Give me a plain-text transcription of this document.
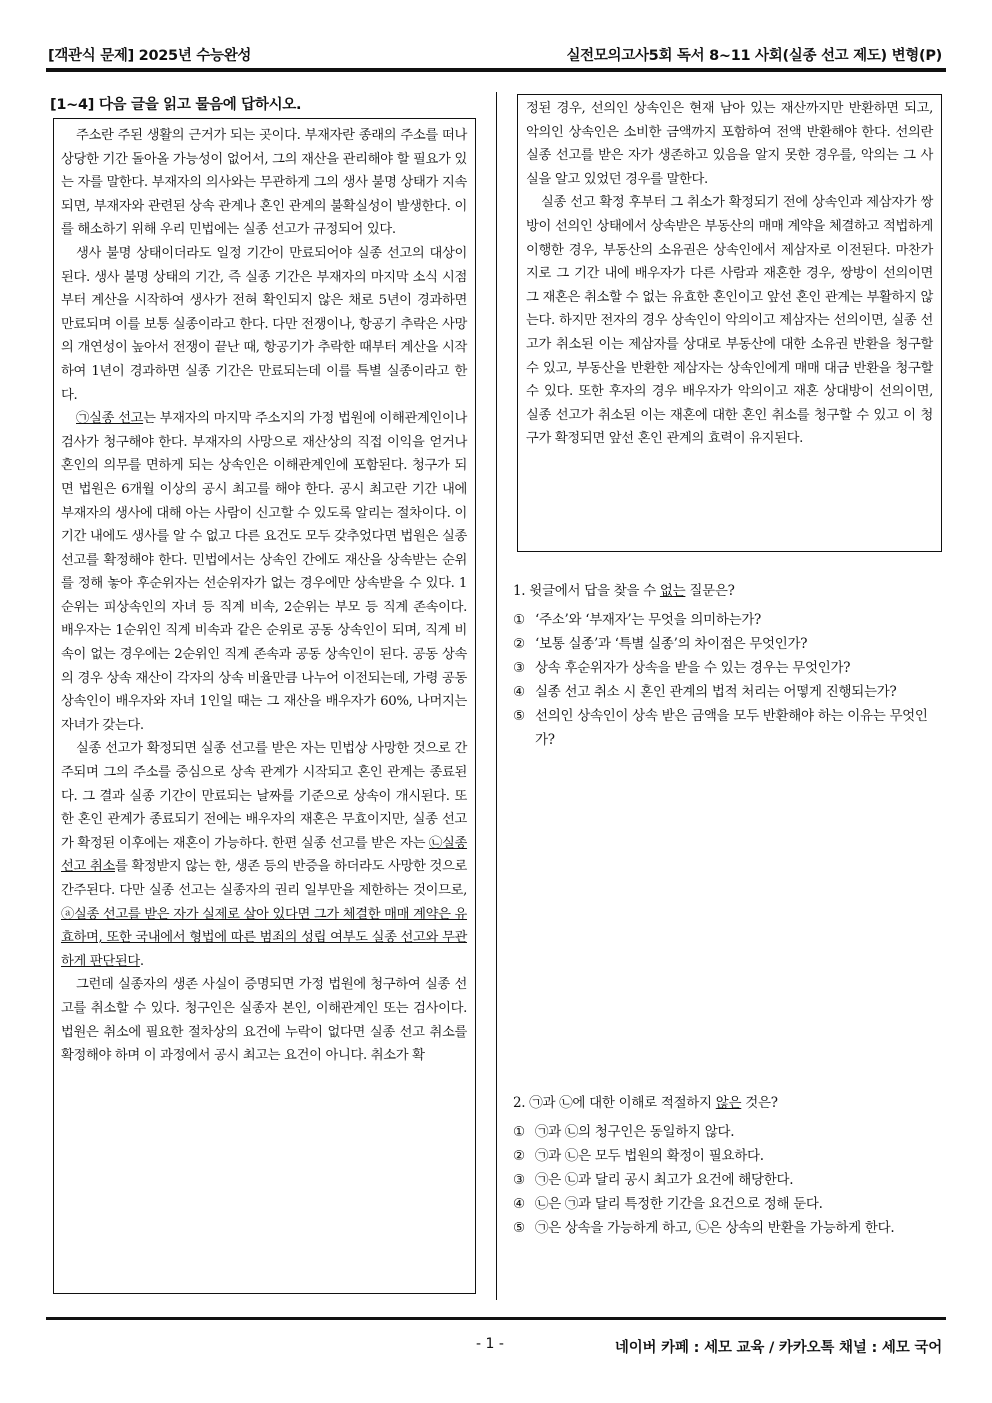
[객관식 문제] 2025년 수능완성	실전모의고사5회 독서 8~11 사회(실종 선고 제도) 변형(P)
[1~4] 다음 글을 읽고 물음에 답하시오.

주소란 주된 생활의 근거가 되는 곳이다. 부재자란 종래의 주소를 떠나 상당한 기간 돌아올 가능성이 없어서, 그의 재산을 관리해야 할 필요가 있는 자를 말한다. 부재자의 의사와는 무관하게 그의 생사 불명 상태가 지속되면, 부재자와 관련된 상속 관계나 혼인 관계의 불확실성이 발생한다. 이를 해소하기 위해 우리 민법에는 실종 선고가 규정되어 있다.

생사 불명 상태이더라도 일정 기간이 만료되어야 실종 선고의 대상이 된다. 생사 불명 상태의 기간, 즉 실종 기간은 부재자의 마지막 소식 시점부터 계산을 시작하여 생사가 전혀 확인되지 않은 채로 5년이 경과하면 만료되며 이를 보통 실종이라고 한다. 다만 전쟁이나, 항공기 추락은 사망의 개연성이 높아서 전쟁이 끝난 때, 항공기가 추락한 때부터 계산을 시작하여 1년이 경과하면 실종 기간은 만료되는데 이를 특별 실종이라고 한다.

㉠실종 선고는 부재자의 마지막 주소지의 가정 법원에 이해관계인이나 검사가 청구해야 한다. 부재자의 사망으로 재산상의 직접 이익을 얻거나 혼인의 의무를 면하게 되는 상속인은 이해관계인에 포함된다. 청구가 되면 법원은 6개월 이상의 공시 최고를 해야 한다. 공시 최고란 기간 내에 부재자의 생사에 대해 아는 사람이 신고할 수 있도록 알리는 절차이다. 이 기간 내에도 생사를 알 수 없고 다른 요건도 모두 갖추었다면 법원은 실종 선고를 확정해야 한다. 민법에서는 상속인 간에도 재산을 상속받는 순위를 정해 놓아 후순위자는 선순위자가 없는 경우에만 상속받을 수 있다. 1순위는 피상속인의 자녀 등 직계 비속, 2순위는 부모 등 직계 존속이다. 배우자는 1순위인 직계 비속과 같은 순위로 공동 상속인이 되며, 직계 비속이 없는 경우에는 2순위인 직계 존속과 공동 상속인이 된다. 공동 상속의 경우 상속 재산이 각자의 상속 비율만큼 나누어 이전되는데, 가령 공동 상속인이 배우자와 자녀 1인일 때는 그 재산을 배우자가 60%, 나머지는 자녀가 갖는다.

실종 선고가 확정되면 실종 선고를 받은 자는 민법상 사망한 것으로 간주되며 그의 주소를 중심으로 상속 관계가 시작되고 혼인 관계는 종료된다. 그 결과 실종 기간이 만료되는 날짜를 기준으로 상속이 개시된다. 또한 혼인 관계가 종료되기 전에는 배우자의 재혼은 무효이지만, 실종 선고가 확정된 이후에는 재혼이 가능하다. 한편 실종 선고를 받은 자는 ㉡실종 선고 취소를 확정받지 않는 한, 생존 등의 반증을 하더라도 사망한 것으로 간주된다. 다만 실종 선고는 실종자의 권리 일부만을 제한하는 것이므로, ⓐ실종 선고를 받은 자가 실제로 살아 있다면 그가 체결한 매매 계약은 유효하며, 또한 국내에서 형법에 따른 범죄의 성립 여부도 실종 선고와 무관하게 판단된다.

그런데 실종자의 생존 사실이 증명되면 가정 법원에 청구하여 실종 선고를 취소할 수 있다. 청구인은 실종자 본인, 이해관계인 또는 검사이다. 법원은 취소에 필요한 절차상의 요건에 누락이 없다면 실종 선고 취소를 확정해야 하며 이 과정에서 공시 최고는 요건이 아니다. 취소가 확

정된 경우, 선의인 상속인은 현재 남아 있는 재산까지만 반환하면 되고, 악의인 상속인은 소비한 금액까지 포함하여 전액 반환해야 한다. 선의란 실종 선고를 받은 자가 생존하고 있음을 알지 못한 경우를, 악의는 그 사실을 알고 있었던 경우를 말한다.

실종 선고 확정 후부터 그 취소가 확정되기 전에 상속인과 제삼자가 쌍방이 선의인 상태에서 상속받은 부동산의 매매 계약을 체결하고 적법하게 이행한 경우, 부동산의 소유권은 상속인에서 제삼자로 이전된다. 마찬가지로 그 기간 내에 배우자가 다른 사람과 재혼한 경우, 쌍방이 선의이면 그 재혼은 취소할 수 없는 유효한 혼인이고 앞선 혼인 관계는 부활하지 않는다. 하지만 전자의 경우 상속인이 악의이고 제삼자는 선의이면, 실종 선고가 취소된 이는 제삼자를 상대로 부동산에 대한 소유권 반환을 청구할 수 있고, 부동산을 반환한 제삼자는 상속인에게 매매 대금 반환을 청구할 수 있다. 또한 후자의 경우 배우자가 악의이고 재혼 상대방이 선의이면, 실종 선고가 취소된 이는 재혼에 대한 혼인 취소를 청구할 수 있고 이 청구가 확정되면 앞선 혼인 관계의 효력이 유지된다.

1. 윗글에서 답을 찾을 수 없는 질문은?

① ‘주소’와 ‘부재자’는 무엇을 의미하는가?
② ‘보통 실종’과 ‘특별 실종’의 차이점은 무엇인가?
③ 상속 후순위자가 상속을 받을 수 있는 경우는 무엇인가?
④ 실종 선고 취소 시 혼인 관계의 법적 처리는 어떻게 진행되는가?
⑤ 선의인 상속인이 상속 받은 금액을 모두 반환해야 하는 이유는 무엇인가?

2. ㉠과 ㉡에 대한 이해로 적절하지 않은 것은?

① ㉠과 ㉡의 청구인은 동일하지 않다.
② ㉠과 ㉡은 모두 법원의 확정이 필요하다.
③ ㉠은 ㉡과 달리 공시 최고가 요건에 해당한다.
④ ㉡은 ㉠과 달리 특정한 기간을 요건으로 정해 둔다.
⑤ ㉠은 상속을 가능하게 하고, ㉡은 상속의 반환을 가능하게 한다.
- 1 -	네이버 카페 : 세모 교육 / 카카오톡 채널 : 세모 국어
